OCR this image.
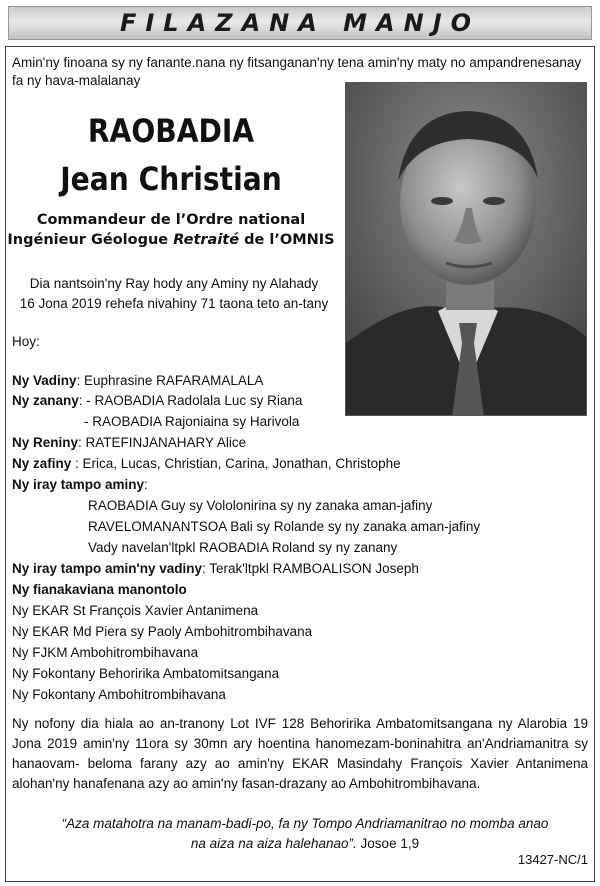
FILAZANA MANJO
Amin'ny finoana sy ny fanante.nana ny fitsanganan'ny tena amin'ny maty no ampandrenesanay fa ny hava-malalanay
RAOBADIA
Jean Christian
Commandeur de l’Ordre national
Ingénieur Géologue Retraité de l’OMNIS
Dia nantsoin'ny Ray hody any Aminy ny Alahady
16 Jona 2019 rehefa nivahiny 71 taona teto an-tany
Hoy:
Ny Vadiny: Euphrasine RAFARAMALALA
Ny zanany: - RAOBADIA Radolala Luc sy Riana
- RAOBADIA Rajoniaina sy Harivola
Ny Reniny: RATEFINJANAHARY Alice
Ny zafiny : Erica, Lucas, Christian, Carina, Jonathan, Christophe
Ny iray tampo aminy:
RAOBADIA Guy sy Vololonirina sy ny zanaka aman-jafiny
RAVELOMANANTSOA Bali sy Rolande sy ny zanaka aman-jafiny
Vady navelan'ltpkl RAOBADIA Roland sy ny zanany
Ny iray tampo amin'ny vadiny: Terak'ltpkl RAMBOALISON Joseph
Ny fianakaviana manontolo
Ny EKAR St François Xavier Antanimena
Ny EKAR Md Piera sy Paoly Ambohitrombihavana
Ny FJKM Ambohitrombihavana
Ny Fokontany Behoririka Ambatomitsangana
Ny Fokontany Ambohitrombihavana
Ny nofony dia hiala ao an-tranony Lot IVF 128 Behoririka Ambatomitsangana ny Alarobia 19 Jona 2019 amin'ny 11ora sy 30mn ary hoentina hanomezam-boninahitra an'Andriamanitra sy hanaovam- beloma farany azy ao amin'ny EKAR Masindahy François Xavier Antanimena alohan'ny hanafenana azy ao amin'ny fasan-drazany ao Ambohitrombihavana.
“Aza matahotra na manam-badi-po, fa ny Tompo Andriamanitrao no momba anao
na aiza na aiza halehanao”. Josoe 1,9
13427-NC/1
